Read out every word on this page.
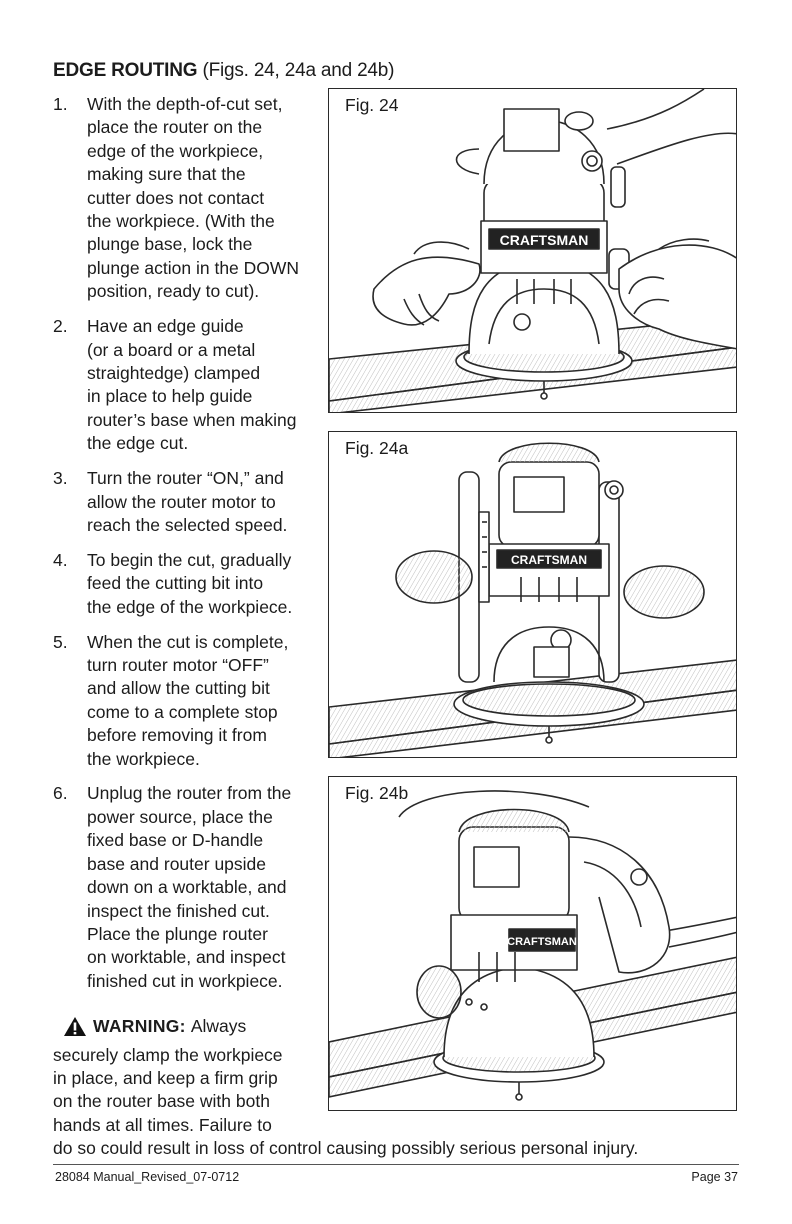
EDGE ROUTING (Figs. 24, 24a and 24b)
1.	With the depth-of-cut set,
place the router on the
edge of the workpiece,
making sure that the
cutter does not contact
the workpiece. (With the
plunge base, lock the
plunge action in the DOWN
position, ready to cut).
2.	Have an edge guide
(or a board or a metal
straightedge) clamped
in place to help guide
router’s base when making
the edge cut.
3.	Turn the router “ON,” and
allow the router motor to
reach the selected speed.
4.	To begin the cut, gradually
feed the cutting bit into
the edge of the workpiece.
5.	When the cut is complete,
turn router motor “OFF”
and allow the cutting bit
come to a complete stop
before removing it from
the workpiece.
6.	Unplug the router from the
power source, place the
fixed base or D-handle
base and router upside
down on a worktable, and
inspect the finished cut.
Place the plunge router
on worktable, and inspect
finished cut in workpiece.
WARNING: Always
securely clamp the workpiece
in place, and keep a firm grip
on the router base with both
hands at all times. Failure to
do so could result in loss of control causing possibly serious personal injury.
Fig. 24
CRAFTSMAN
Fig. 24a
CRAFTSMAN
Fig. 24b
CRAFTSMAN
28084 Manual_Revised_07-0712	Page 37
